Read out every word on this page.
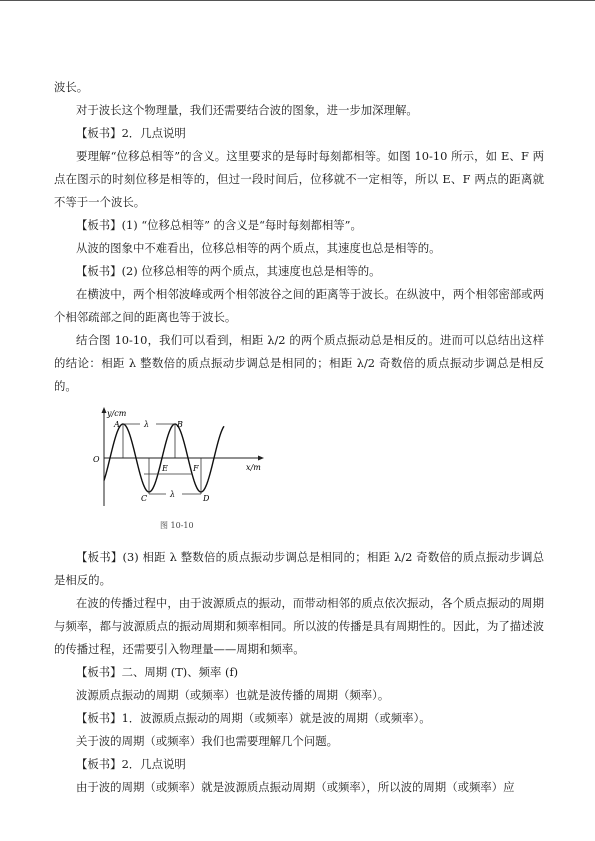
波长。

对于波长这个物理量，我们还需要结合波的图象，进一步加深理解。

【板书】2．几点说明

要理解“位移总相等”的含义。这里要求的是每时每刻都相等。如图 10-10 所示，如 E、F 两点在图示的时刻位移是相等的，但过一段时间后，位移就不一定相等，所以 E、F 两点的距离就不等于一个波长。

【板书】(1) “位移总相等” 的含义是“每时每刻都相等”。

从波的图象中不难看出，位移总相等的两个质点，其速度也总是相等的。

【板书】(2) 位移总相等的两个质点，其速度也总是相等的。

在横波中，两个相邻波峰或两个相邻波谷之间的距离等于波长。在纵波中，两个相邻密部或两个相邻疏部之间的距离也等于波长。

结合图 10-10，我们可以看到，相距 λ/2 的两个质点振动总是相反的。进而可以总结出这样的结论：相距 λ 整数倍的质点振动步调总是相同的；相距 λ/2 奇数倍的质点振动步调总是相反的。

y/cm
x/m
O
A	B
C	D
E	F
λ
λ
图 10-10

【板书】(3) 相距 λ 整数倍的质点振动步调总是相同的；相距 λ/2 奇数倍的质点振动步调总是相反的。

在波的传播过程中，由于波源质点的振动，而带动相邻的质点依次振动，各个质点振动的周期与频率，都与波源质点的振动周期和频率相同。所以波的传播是具有周期性的。因此，为了描述波的传播过程，还需要引入物理量——周期和频率。

【板书】二、周期 (T)、频率 (f)

波源质点振动的周期（或频率）也就是波传播的周期（频率）。

【板书】1．波源质点振动的周期（或频率）就是波的周期（或频率）。

关于波的周期（或频率）我们也需要理解几个问题。

【板书】2．几点说明

由于波的周期（或频率）就是波源质点振动周期（或频率），所以波的周期（或频率）应
